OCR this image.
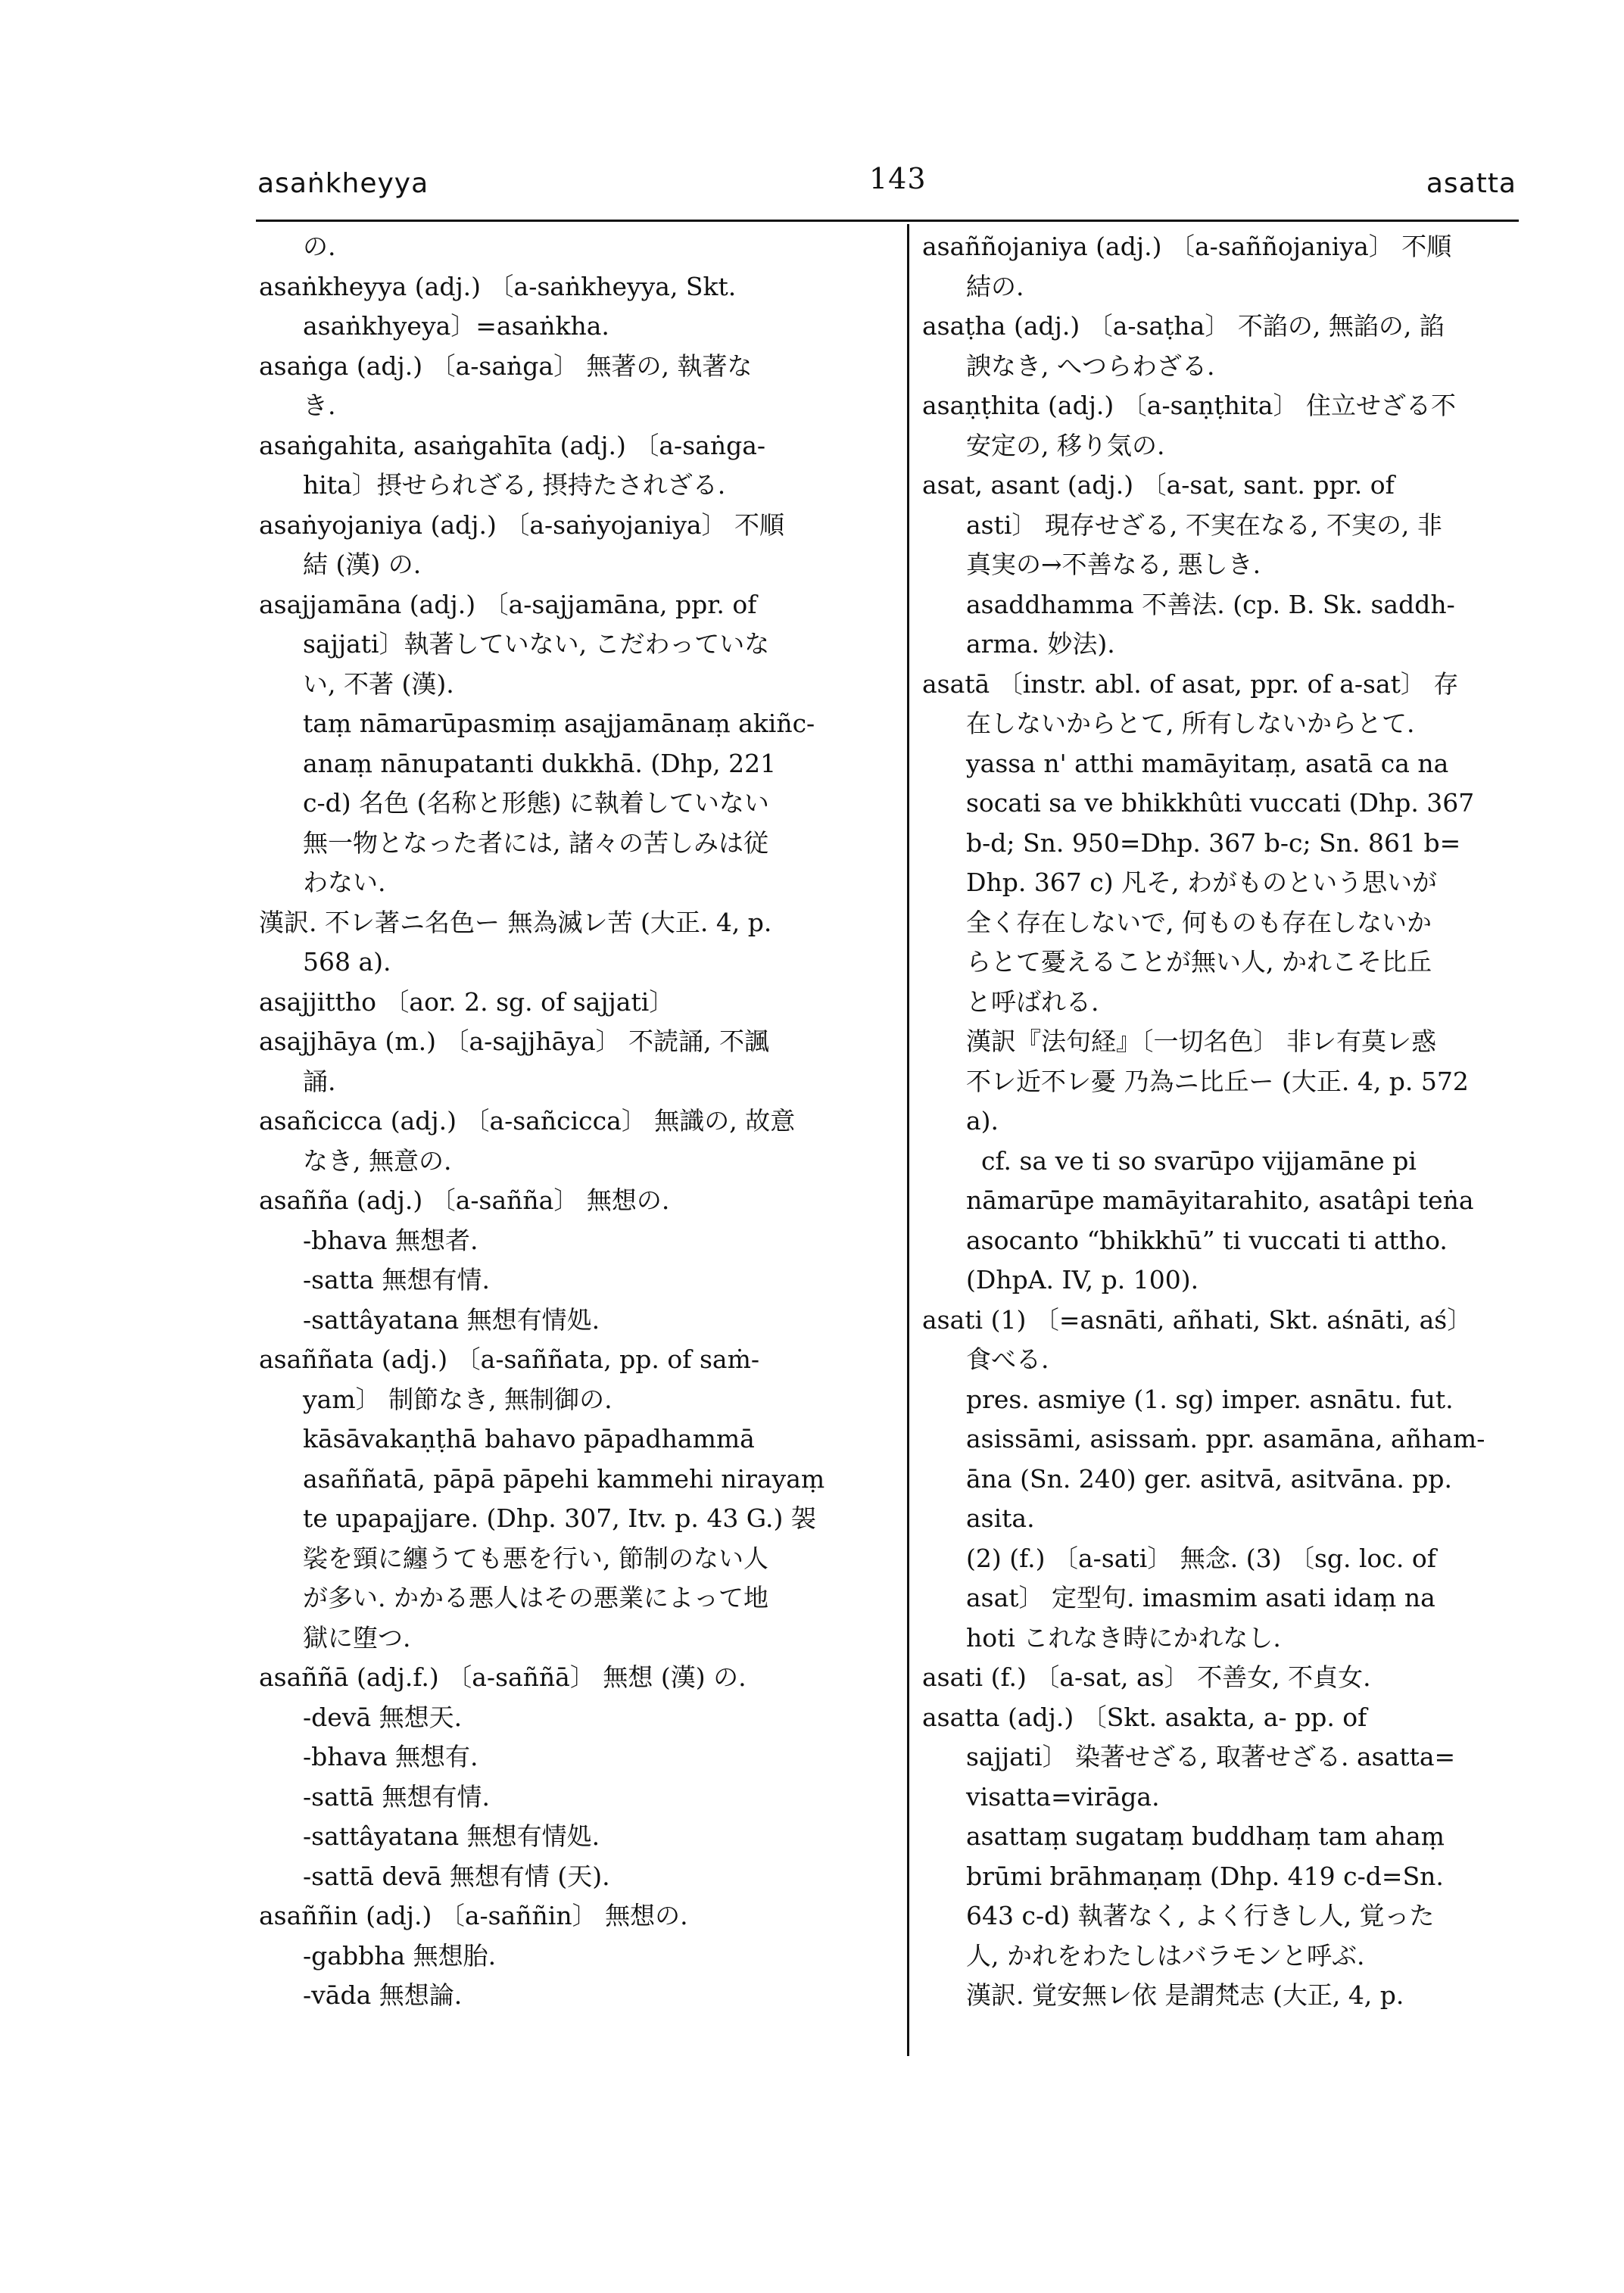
asaṅkheyya	143	asatta
の.
asaṅkheyya (adj.) 〔a-saṅkheyya, Skt.
asaṅkhyeya〕=asaṅkha.
asaṅga (adj.) 〔a-saṅga〕 無著の, 執著な
き.
asaṅgahita, asaṅgahīta (adj.) 〔a-saṅga-
hita〕摂せられざる, 摂持たされざる.
asaṅyojaniya (adj.) 〔a-saṅyojaniya〕 不順
結 (漢) の.
asajjamāna (adj.) 〔a-sajjamāna, ppr. of
sajjati〕執著していない, こだわっていな
い, 不著 (漢).
taṃ nāmarūpasmiṃ asajjamānaṃ akiñc-
anaṃ nānupatanti dukkhā. (Dhp, 221
c-d) 名色 (名称と形態) に執着していない
無一物となった者には, 諸々の苦しみは従
わない.
漢訳. 不レ著ニ名色ー 無為滅レ苦 (大正. 4, p.
568 a).
asajjittho 〔aor. 2. sg. of sajjati〕
asajjhāya (m.) 〔a-sajjhāya〕 不読誦, 不諷
誦.
asañcicca (adj.) 〔a-sañcicca〕 無識の, 故意
なき, 無意の.
asañña (adj.) 〔a-sañña〕 無想の.
-bhava 無想者.
-satta 無想有情.
-sattâyatana 無想有情処.
asaññata (adj.) 〔a-saññata, pp. of saṁ-
yam〕 制節なき, 無制御の.
kāsāvakaṇṭhā bahavo pāpadhammā
asaññatā, pāpā pāpehi kammehi nirayaṃ
te upapajjare. (Dhp. 307, Itv. p. 43 G.) 袈
裟を頸に纏うても悪を行い, 節制のない人
が多い. かかる悪人はその悪業によって地
獄に堕つ.
asaññā (adj.f.) 〔a-saññā〕 無想 (漢) の.
-devā 無想天.
-bhava 無想有.
-sattā 無想有情.
-sattâyatana 無想有情処.
-sattā devā 無想有情 (天).
asaññin (adj.) 〔a-saññin〕 無想の.
-gabbha 無想胎.
-vāda 無想論.
asaññojaniya (adj.) 〔a-saññojaniya〕 不順
結の.
asaṭha (adj.) 〔a-saṭha〕 不諂の, 無諂の, 諂
諛なき, へつらわざる.
asaṇṭhita (adj.) 〔a-saṇṭhita〕 住立せざる不
安定の, 移り気の.
asat, asant (adj.) 〔a-sat, sant. ppr. of
asti〕 現存せざる, 不実在なる, 不実の, 非
真実の→不善なる, 悪しき.
asaddhamma 不善法. (cp. B. Sk. saddh-
arma. 妙法).
asatā 〔instr. abl. of asat, ppr. of a-sat〕 存
在しないからとて, 所有しないからとて.
yassa n' atthi mamāyitaṃ, asatā ca na
socati sa ve bhikkhûti vuccati (Dhp. 367
b-d; Sn. 950=Dhp. 367 b-c; Sn. 861 b=
Dhp. 367 c) 凡そ, わがものという思いが
全く存在しないで, 何ものも存在しないか
らとて憂えることが無い人, かれこそ比丘
と呼ばれる.
漢訳『法句経』〔一切名色〕 非レ有莫レ惑
不レ近不レ憂 乃為ニ比丘ー (大正. 4, p. 572
a).
cf. sa ve ti so svarūpo vijjamāne pi
nāmarūpe mamāyitarahito, asatâpi teṅa
asocanto “bhikkhū” ti vuccati ti attho.
(DhpA. IV, p. 100).
asati (1) 〔=asnāti, añhati, Skt. aśnāti, aś〕
食べる.
pres. asmiye (1. sg) imper. asnātu. fut.
asissāmi, asissaṁ. ppr. asamāna, añham-
āna (Sn. 240) ger. asitvā, asitvāna. pp.
asita.
(2) (f.) 〔a-sati〕 無念. (3) 〔sg. loc. of
asat〕 定型句. imasmim asati idaṃ na
hoti これなき時にかれなし.
asati (f.) 〔a-sat, as〕 不善女, 不貞女.
asatta (adj.) 〔Skt. asakta, a- pp. of
sajjati〕 染著せざる, 取著せざる. asatta=
visatta=virāga.
asattaṃ sugataṃ buddhaṃ tam ahaṃ
brūmi brāhmaṇaṃ (Dhp. 419 c-d=Sn.
643 c-d) 執著なく, よく行きし人, 覚った
人, かれをわたしはバラモンと呼ぶ.
漢訳. 覚安無レ依 是謂梵志 (大正, 4, p.
